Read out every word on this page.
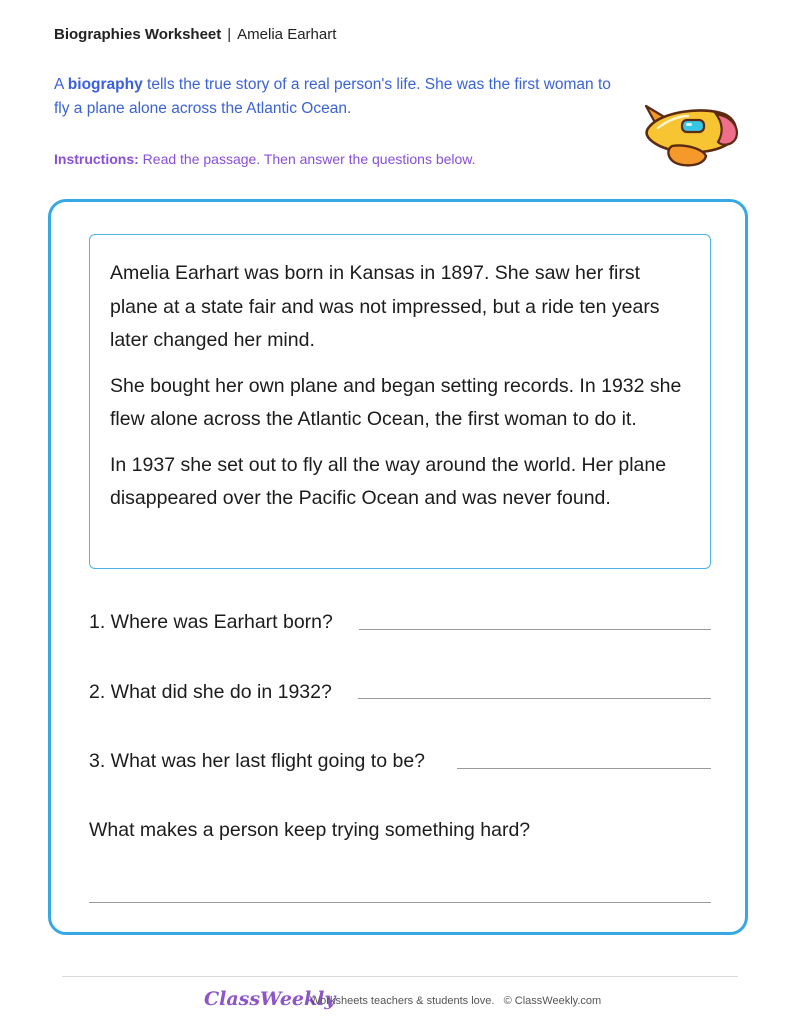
Biographies Worksheet | Amelia Earhart
A biography tells the true story of a real person's life. She was the first woman to fly a plane alone across the Atlantic Ocean.
Instructions: Read the passage. Then answer the questions below.

Amelia Earhart was born in Kansas in 1897. She saw her first plane at a state fair and was not impressed, but a ride ten years later changed her mind.

She bought her own plane and began setting records. In 1932 she flew alone across the Atlantic Ocean, the first woman to do it.

In 1937 she set out to fly all the way around the world. Her plane disappeared over the Pacific Ocean and was never found.

1. Where was Earhart born?
2. What did she do in 1932?
3. What was her last flight going to be?
What makes a person keep trying something hard?
ClassWeekly
Worksheets teachers & students love. © ClassWeekly.com
